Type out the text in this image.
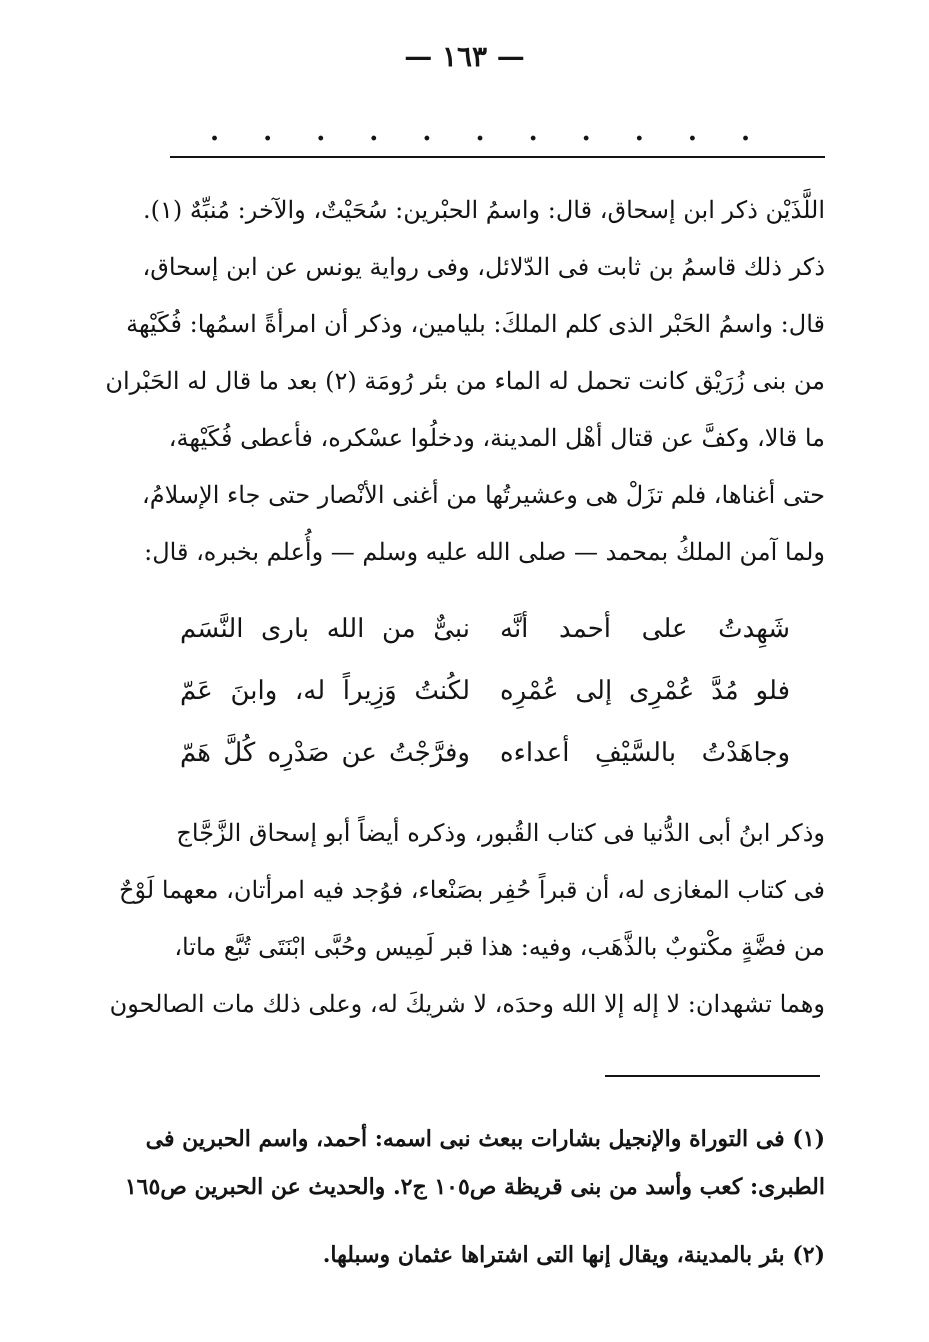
— ١٦٣ —
. . . . . . . . . . .
اللَّذَيْن ذكر ابن إسحاق، قال: واسمُ الحبْرين: سُحَيْتٌ، والآخر: مُنبِّهٌ (١).
ذكر ذلك قاسمُ بن ثابت فى الدّلائل، وفى رواية يونس عن ابن إسحاق،
قال: واسمُ الحَبْر الذى كلم الملكَ: بليامين، وذكر أن امرأةً اسمُها: فُكَيْهة
من بنى زُرَيْق كانت تحمل له الماء من بئر رُومَة (٢) بعد ما قال له الحَبْران
ما قالا، وكفَّ عن قتال أهْل المدينة، ودخلُوا عسْكره، فأعطى فُكَيْهة،
حتى أغناها، فلم تزَلْ هى وعشيرتُها من أغنى الأنْصار حتى جاء الإسلامُ،
ولما آمن الملكُ بمحمد — صلى الله عليه وسلم — وأُعلم بخبره، قال:
شَهِدتُ على أحمد أنَّه
نبىٌّ من الله بارى النَّسَم
فلو مُدَّ عُمْرِى إلى عُمْرِه
لكُنتُ وَزِيراً له، وابنَ عَمّ
وجاهَدْتُ بالسَّيْفِ أعداءه
وفرَّجْتُ عن صَدْرِه كُلَّ هَمّ
وذكر ابنُ أبى الدُّنيا فى كتاب القُبور، وذكره أيضاً أبو إسحاق الزَّجَّاج
فى كتاب المغازى له، أن قبراً حُفِر بصَنْعاء، فوُجد فيه امرأتان، معهما لَوْحٌ
من فضَّةٍ مكْتوبٌ بالذَّهَب، وفيه: هذا قبر لَمِيس وحُبَّى ابْنَتَى تُبَّع ماتا،
وهما تشهدان: لا إله إلا الله وحدَه، لا شريكَ له، وعلى ذلك مات الصالحون
(١) فى التوراة والإنجيل بشارات ببعث نبى اسمه: أحمد، واسم الحبرين فى
الطبرى: كعب وأسد من بنى قريظة ص١٠٥ ج٢. والحديث عن الحبرين ص١٦٥
(٢) بئر بالمدينة، ويقال إنها التى اشتراها عثمان وسبلها.
